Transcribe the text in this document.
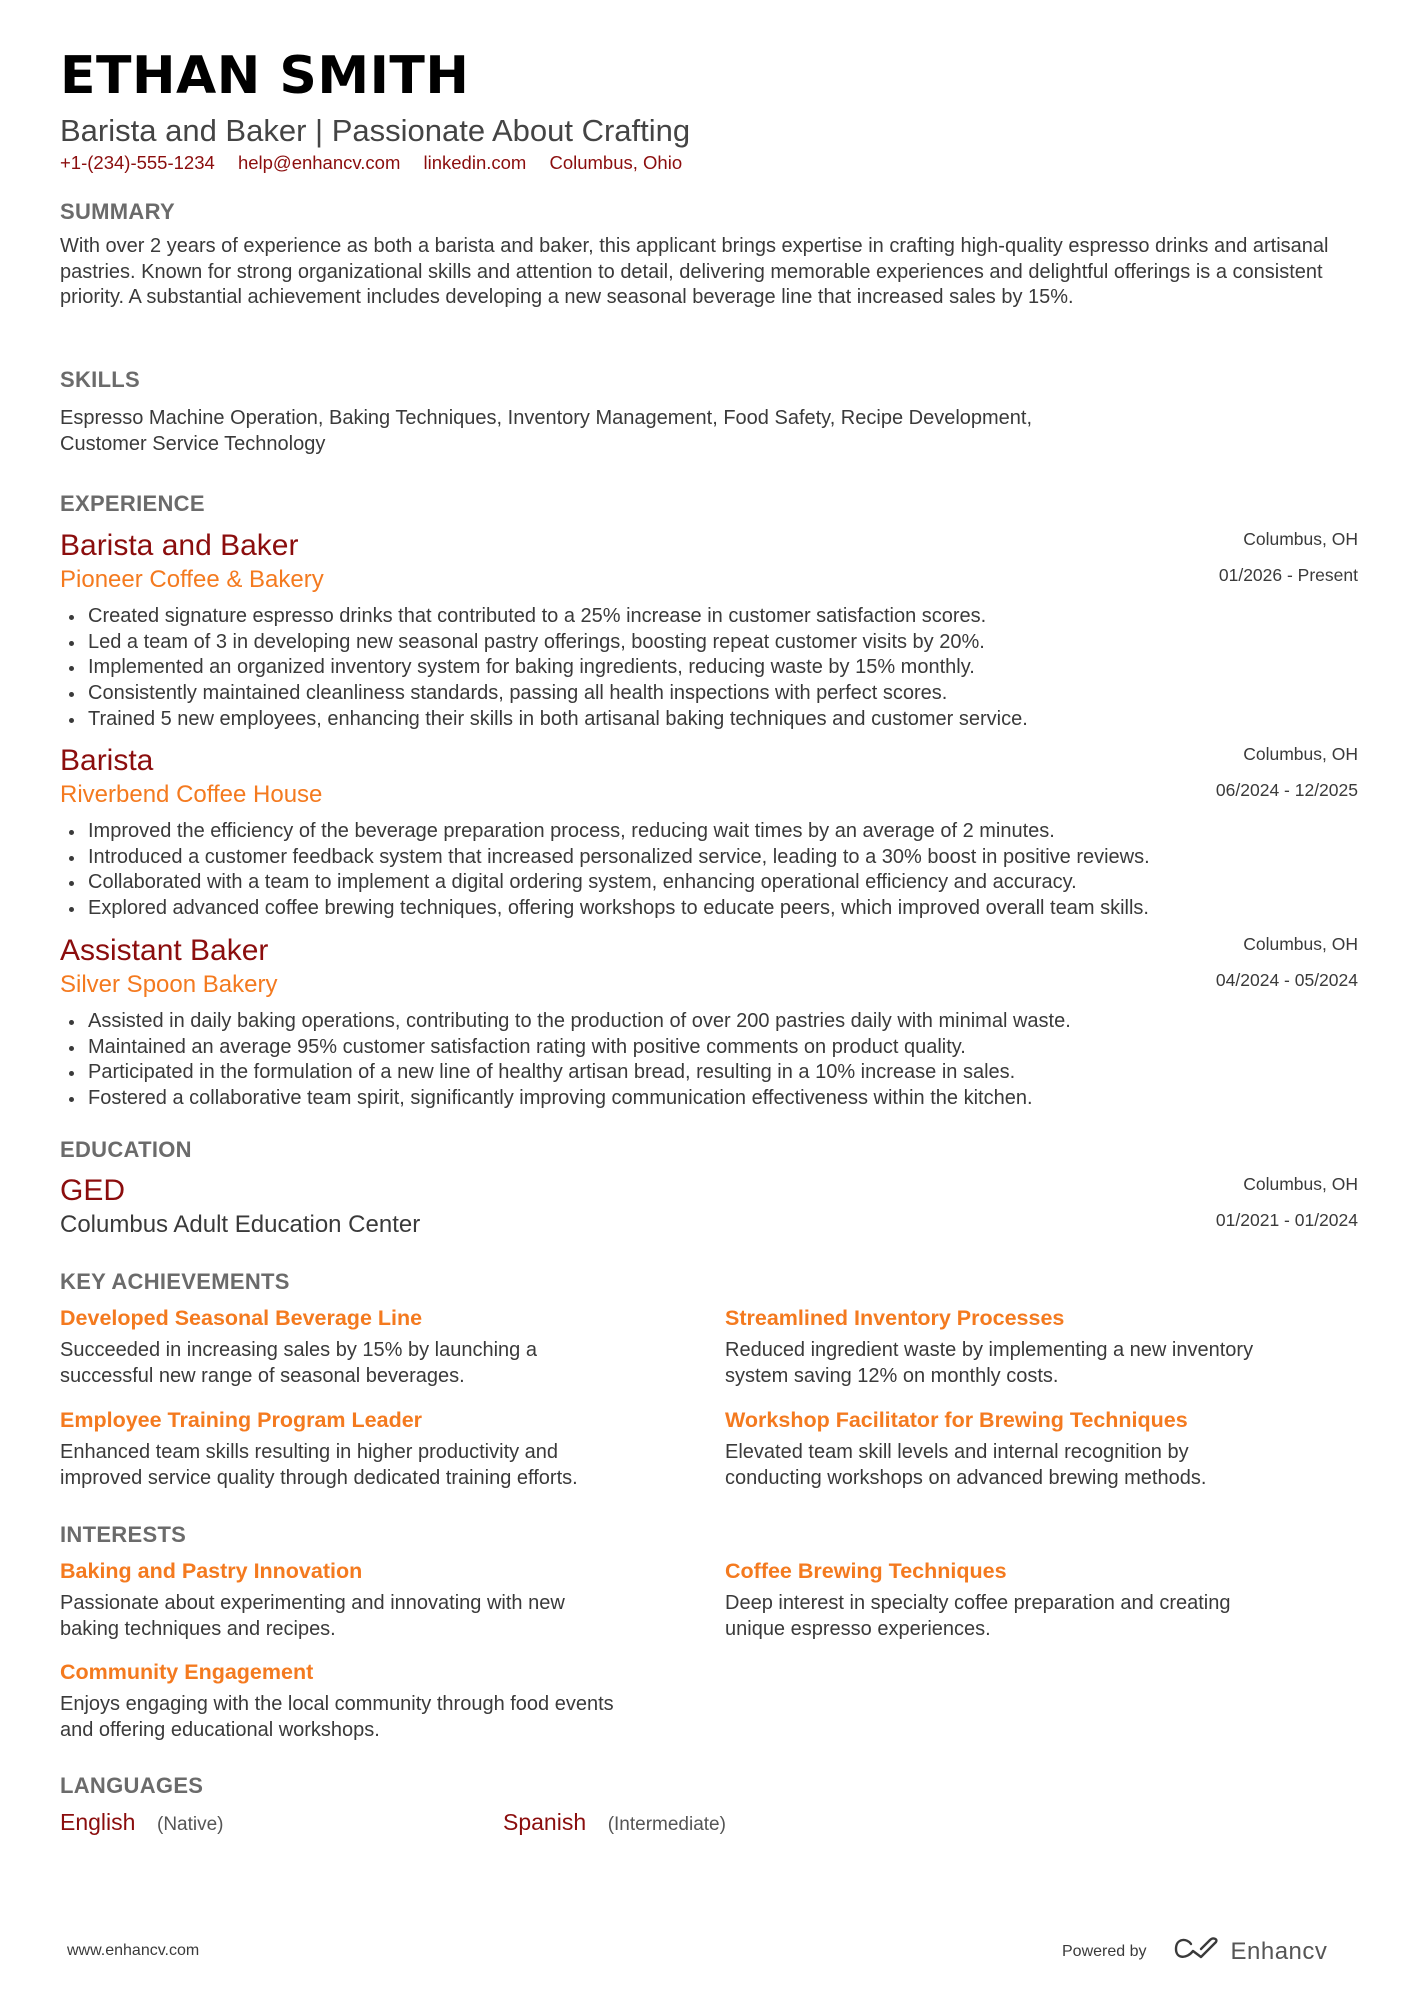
ETHAN SMITH
Barista and Baker | Passionate About Crafting
+1-(234)-555-1234 help@enhancv.com linkedin.com Columbus, Ohio
SUMMARY
With over 2 years of experience as both a barista and baker, this applicant brings expertise in crafting high-quality espresso drinks and artisanal pastries. Known for strong organizational skills and attention to detail, delivering memorable experiences and delightful offerings is a consistent priority. A substantial achievement includes developing a new seasonal beverage line that increased sales by 15%.
SKILLS
Espresso Machine Operation, Baking Techniques, Inventory Management, Food Safety, Recipe Development,
Customer Service Technology
EXPERIENCE
Barista and Baker
Pioneer Coffee & Bakery
Columbus, OH
01/2026 - Present
Created signature espresso drinks that contributed to a 25% increase in customer satisfaction scores.
Led a team of 3 in developing new seasonal pastry offerings, boosting repeat customer visits by 20%.
Implemented an organized inventory system for baking ingredients, reducing waste by 15% monthly.
Consistently maintained cleanliness standards, passing all health inspections with perfect scores.
Trained 5 new employees, enhancing their skills in both artisanal baking techniques and customer service.
Barista
Riverbend Coffee House
Columbus, OH
06/2024 - 12/2025
Improved the efficiency of the beverage preparation process, reducing wait times by an average of 2 minutes.
Introduced a customer feedback system that increased personalized service, leading to a 30% boost in positive reviews.
Collaborated with a team to implement a digital ordering system, enhancing operational efficiency and accuracy.
Explored advanced coffee brewing techniques, offering workshops to educate peers, which improved overall team skills.
Assistant Baker
Silver Spoon Bakery
Columbus, OH
04/2024 - 05/2024
Assisted in daily baking operations, contributing to the production of over 200 pastries daily with minimal waste.
Maintained an average 95% customer satisfaction rating with positive comments on product quality.
Participated in the formulation of a new line of healthy artisan bread, resulting in a 10% increase in sales.
Fostered a collaborative team spirit, significantly improving communication effectiveness within the kitchen.
EDUCATION
GED
Columbus Adult Education Center
Columbus, OH
01/2021 - 01/2024
KEY ACHIEVEMENTS
Developed Seasonal Beverage Line
Succeeded in increasing sales by 15% by launching a
successful new range of seasonal beverages.
Streamlined Inventory Processes
Reduced ingredient waste by implementing a new inventory
system saving 12% on monthly costs.
Employee Training Program Leader
Enhanced team skills resulting in higher productivity and
improved service quality through dedicated training efforts.
Workshop Facilitator for Brewing Techniques
Elevated team skill levels and internal recognition by
conducting workshops on advanced brewing methods.
INTERESTS
Baking and Pastry Innovation
Passionate about experimenting and innovating with new
baking techniques and recipes.
Coffee Brewing Techniques
Deep interest in specialty coffee preparation and creating
unique espresso experiences.
Community Engagement
Enjoys engaging with the local community through food events
and offering educational workshops.
LANGUAGES
English (Native)	Spanish (Intermediate)
www.enhancv.com	Powered by	Enhancv
